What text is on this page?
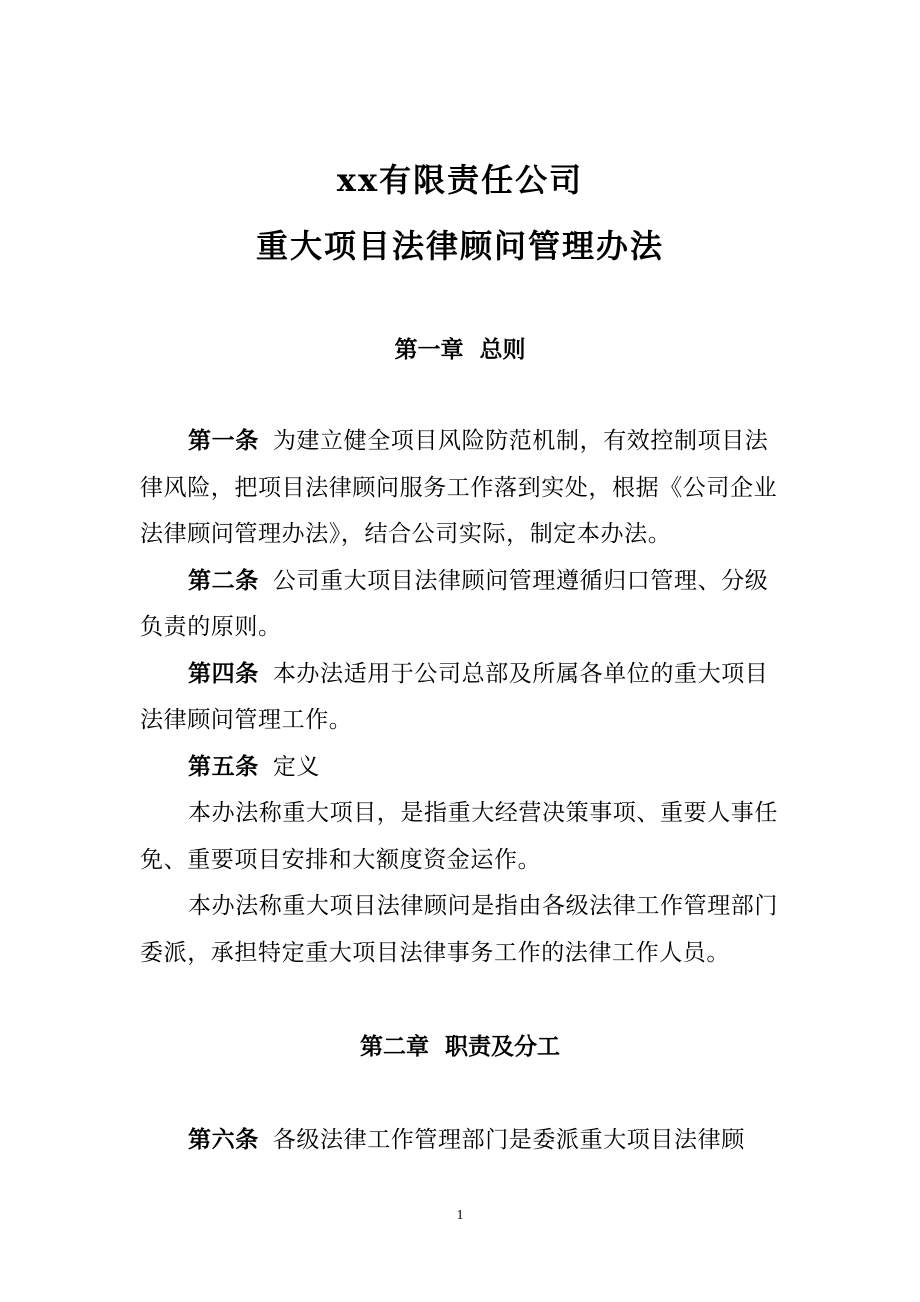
xx有限责任公司
重大项目法律顾问管理办法
第一章  总则

第一条 为建立健全项目风险防范机制，有效控制项目法律风险，把项目法律顾问服务工作落到实处，根据《公司企业法律顾问管理办法》，结合公司实际，制定本办法。

第二条 公司重大项目法律顾问管理遵循归口管理、分级负责的原则。

第四条 本办法适用于公司总部及所属各单位的重大项目法律顾问管理工作。

第五条 定义

本办法称重大项目，是指重大经营决策事项、重要人事任免、重要项目安排和大额度资金运作。

本办法称重大项目法律顾问是指由各级法律工作管理部门委派，承担特定重大项目法律事务工作的法律工作人员。

第二章  职责及分工

第六条 各级法律工作管理部门是委派重大项目法律顾

1
